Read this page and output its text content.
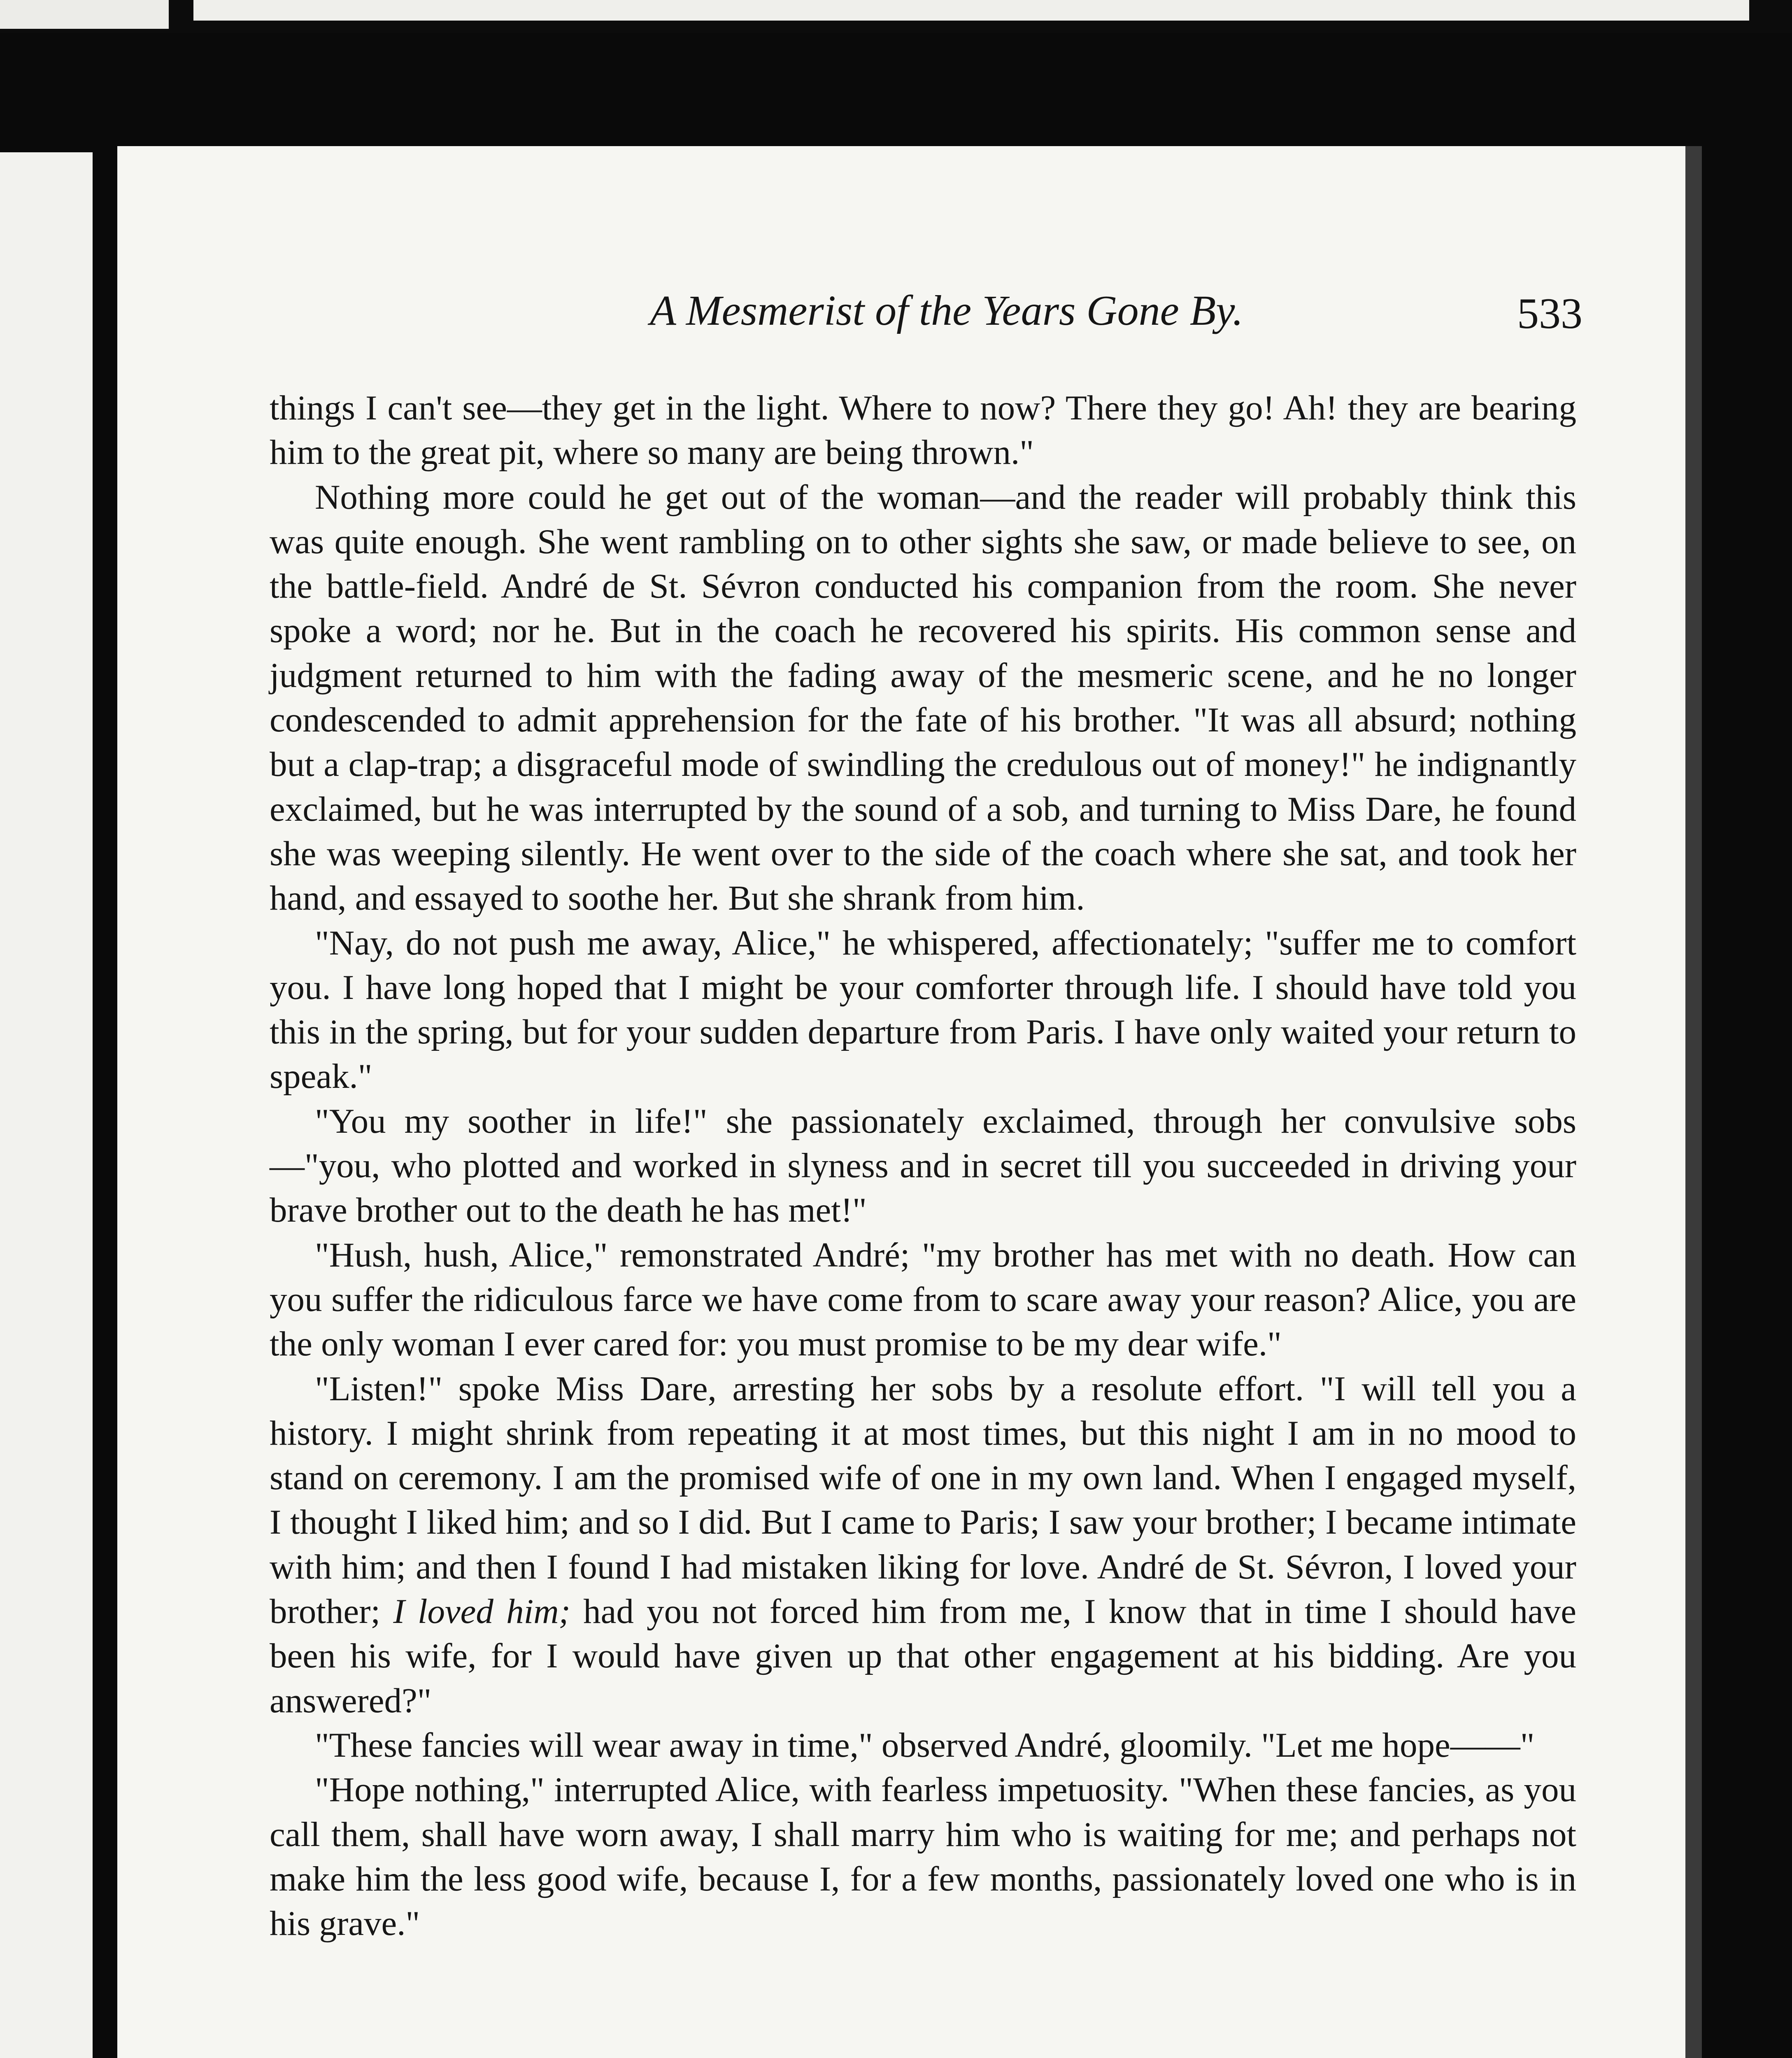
A Mesmerist of the Years Gone By.	533

things I can't see—they get in the light. Where to now? There they go! Ah! they are bearing him to the great pit, where so many are being thrown."

Nothing more could he get out of the woman—and the reader will probably think this was quite enough. She went rambling on to other sights she saw, or made believe to see, on the battle-field. André de St. Sévron conducted his companion from the room. She never spoke a word; nor he. But in the coach he recovered his spirits. His common sense and judgment returned to him with the fading away of the mesmeric scene, and he no longer condescended to admit apprehension for the fate of his brother. "It was all absurd; nothing but a clap-trap; a disgraceful mode of swindling the credulous out of money!" he indignantly exclaimed, but he was interrupted by the sound of a sob, and turning to Miss Dare, he found she was weeping silently. He went over to the side of the coach where she sat, and took her hand, and essayed to soothe her. But she shrank from him.

"Nay, do not push me away, Alice," he whispered, affectionately; "suffer me to comfort you. I have long hoped that I might be your comforter through life. I should have told you this in the spring, but for your sudden departure from Paris. I have only waited your return to speak."

"You my soother in life!" she passionately exclaimed, through her convulsive sobs—"you, who plotted and worked in slyness and in secret till you succeeded in driving your brave brother out to the death he has met!"

"Hush, hush, Alice," remonstrated André; "my brother has met with no death. How can you suffer the ridiculous farce we have come from to scare away your reason? Alice, you are the only woman I ever cared for: you must promise to be my dear wife."

"Listen!" spoke Miss Dare, arresting her sobs by a resolute effort. "I will tell you a history. I might shrink from repeating it at most times, but this night I am in no mood to stand on ceremony. I am the promised wife of one in my own land. When I engaged myself, I thought I liked him; and so I did. But I came to Paris; I saw your brother; I became intimate with him; and then I found I had mistaken liking for love. André de St. Sévron, I loved your brother; I loved him; had you not forced him from me, I know that in time I should have been his wife, for I would have given up that other engagement at his bidding. Are you answered?"

"These fancies will wear away in time," observed André, gloomily. "Let me hope——"

"Hope nothing," interrupted Alice, with fearless impetuosity. "When these fancies, as you call them, shall have worn away, I shall marry him who is waiting for me; and perhaps not make him the less good wife, because I, for a few months, passionately loved one who is in his grave."
